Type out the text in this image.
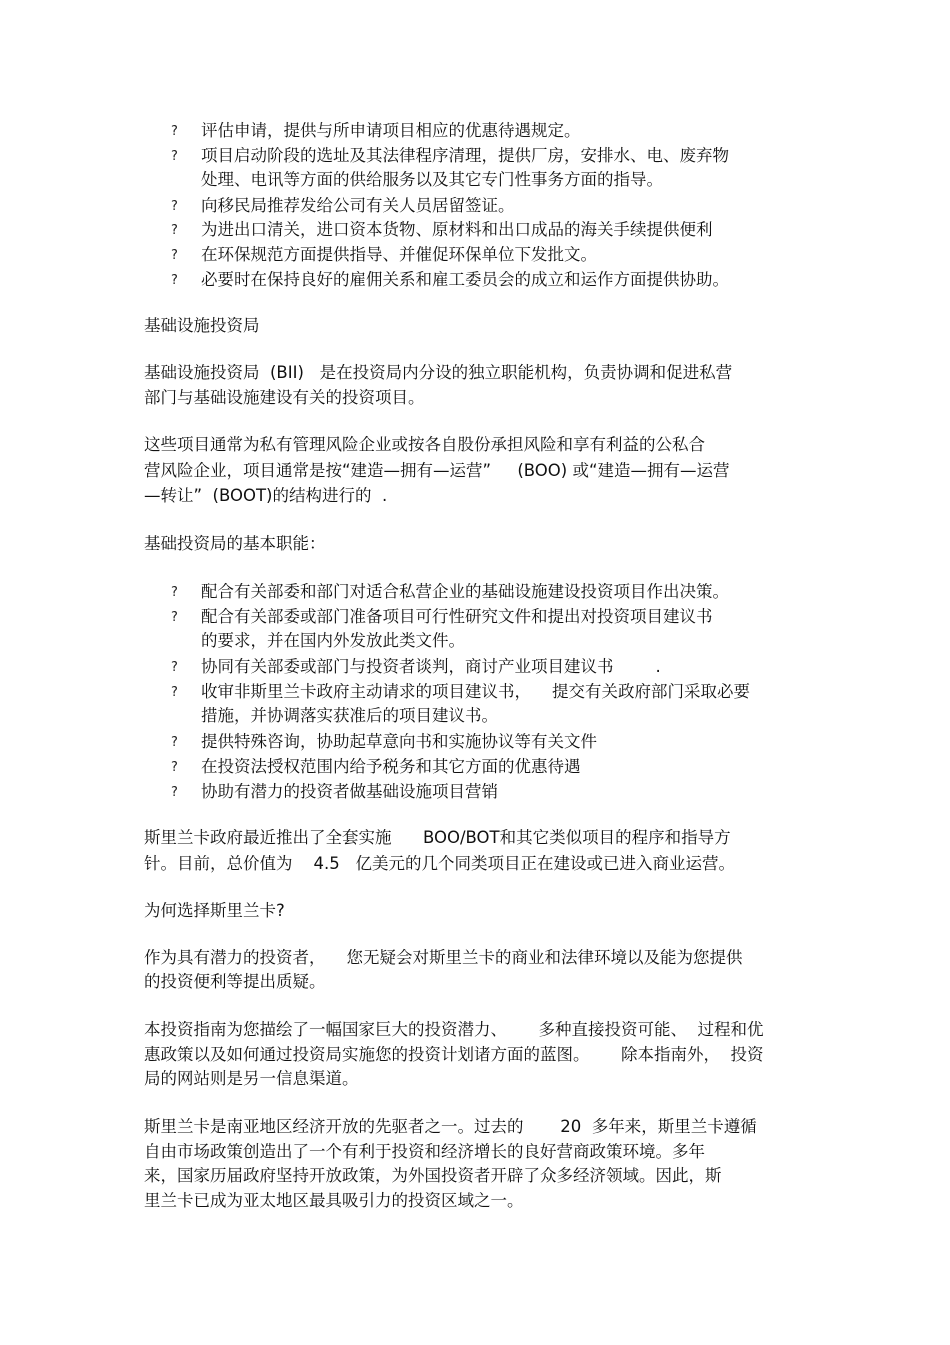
? 评估申请，提供与所申请项目相应的优惠待遇规定。
? 项目启动阶段的选址及其法律程序清理，提供厂房，安排水、电、废弃物
处理、电讯等方面的供给服务以及其它专门性事务方面的指导。
? 向移民局推荐发给公司有关人员居留签证。
? 为进出口清关，进口资本货物、原材料和出口成品的海关手续提供便利
? 在环保规范方面提供指导、并催促环保单位下发批文。
? 必要时在保持良好的雇佣关系和雇工委员会的成立和运作方面提供协助。
基础设施投资局
基础设施投资局  (BII)   是在投资局内分设的独立职能机构，负责协调和促进私营
部门与基础设施建设有关的投资项目。
这些项目通常为私有管理风险企业或按各自股份承担风险和享有利益的公私合
营风险企业，项目通常是按“建造—拥有—运营”     (BOO) 或“建造—拥有—运营
—转让”  (BOOT)的结构进行的  .
基础投资局的基本职能：
? 配合有关部委和部门对适合私营企业的基础设施建设投资项目作出决策。
? 配合有关部委或部门准备项目可行性研究文件和提出对投资项目建议书
的要求，并在国内外发放此类文件。
? 协同有关部委或部门与投资者谈判，商讨产业项目建议书        .
? 收审非斯里兰卡政府主动请求的项目建议书，    提交有关政府部门采取必要
措施，并协调落实获准后的项目建议书。
? 提供特殊咨询，协助起草意向书和实施协议等有关文件
? 在投资法授权范围内给予税务和其它方面的优惠待遇
? 协助有潜力的投资者做基础设施项目营销
斯里兰卡政府最近推出了全套实施      BOO/BOT和其它类似项目的程序和指导方
针。目前，总价值为    4.5   亿美元的几个同类项目正在建设或已进入商业运营。
为何选择斯里兰卡?
作为具有潜力的投资者，    您无疑会对斯里兰卡的商业和法律环境以及能为您提供
的投资便利等提出质疑。
本投资指南为您描绘了一幅国家巨大的投资潜力、      多种直接投资可能、  过程和优
惠政策以及如何通过投资局实施您的投资计划诸方面的蓝图。      除本指南外，  投资
局的网站则是另一信息渠道。
斯里兰卡是南亚地区经济开放的先驱者之一。过去的       20  多年来，斯里兰卡遵循
自由市场政策创造出了一个有利于投资和经济增长的良好营商政策环境。多年
来，国家历届政府坚持开放政策，为外国投资者开辟了众多经济领域。因此，斯
里兰卡已成为亚太地区最具吸引力的投资区域之一。
